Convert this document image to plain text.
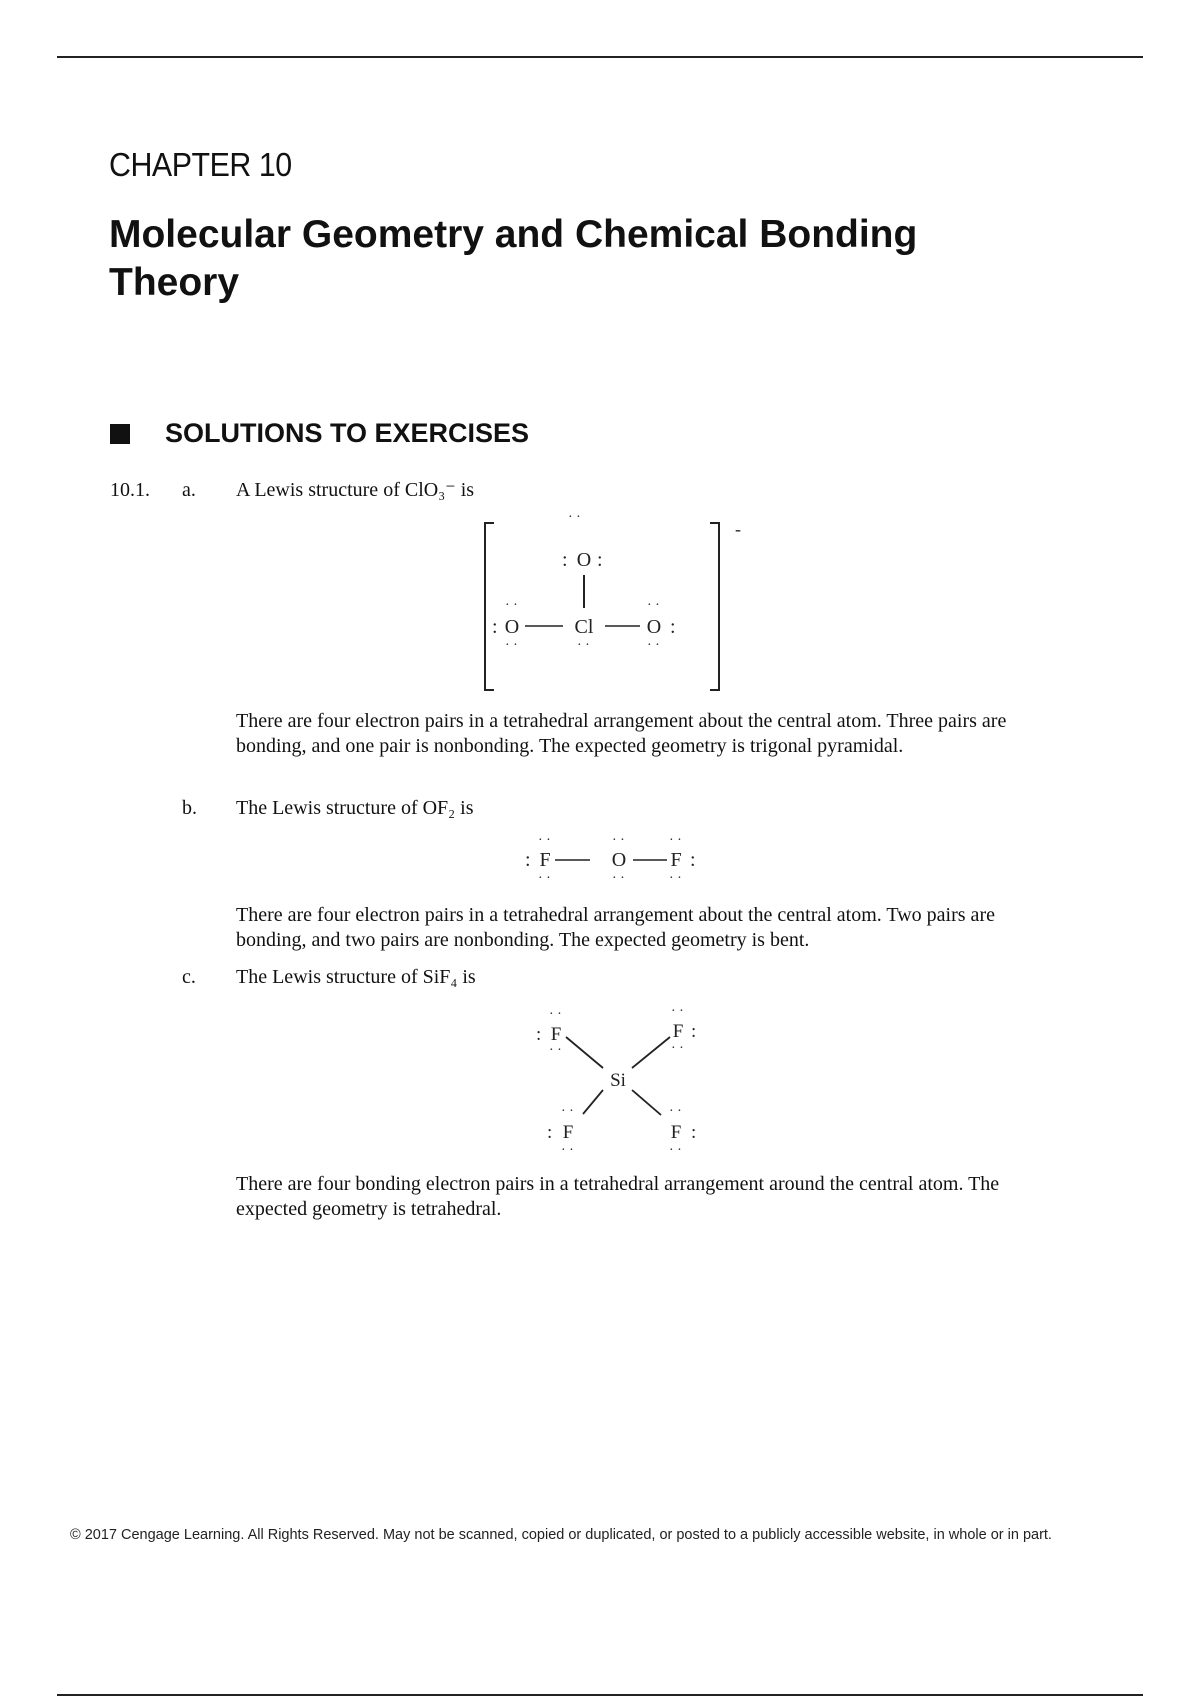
CHAPTER 10
Molecular Geometry and Chemical Bonding Theory
SOLUTIONS TO EXERCISES
10.1. a. A Lewis structure of ClO₃⁻ is
-
· ·
O
: :
Cl
· ·
O
:
· ·
· ·
O :
· ·
· ·
There are four electron pairs in a tetrahedral arrangement about the central atom. Three pairs are bonding, and one pair is nonbonding. The expected geometry is trigonal pyramidal.
b. The Lewis structure of OF₂ is
: F
· ·
· ·
O
· ·
· ·
F :
· ·
· ·
There are four electron pairs in a tetrahedral arrangement about the central atom. Two pairs are bonding, and two pairs are nonbonding. The expected geometry is bent.
c. The Lewis structure of SiF₄ is
: F
· ·
· ·
F :
· ·
· ·
Si
: F
· ·
· ·
F :
· ·
· ·
There are four bonding electron pairs in a tetrahedral arrangement around the central atom. The expected geometry is tetrahedral.
© 2017 Cengage Learning. All Rights Reserved. May not be scanned, copied or duplicated, or posted to a publicly accessible website, in whole or in part.
